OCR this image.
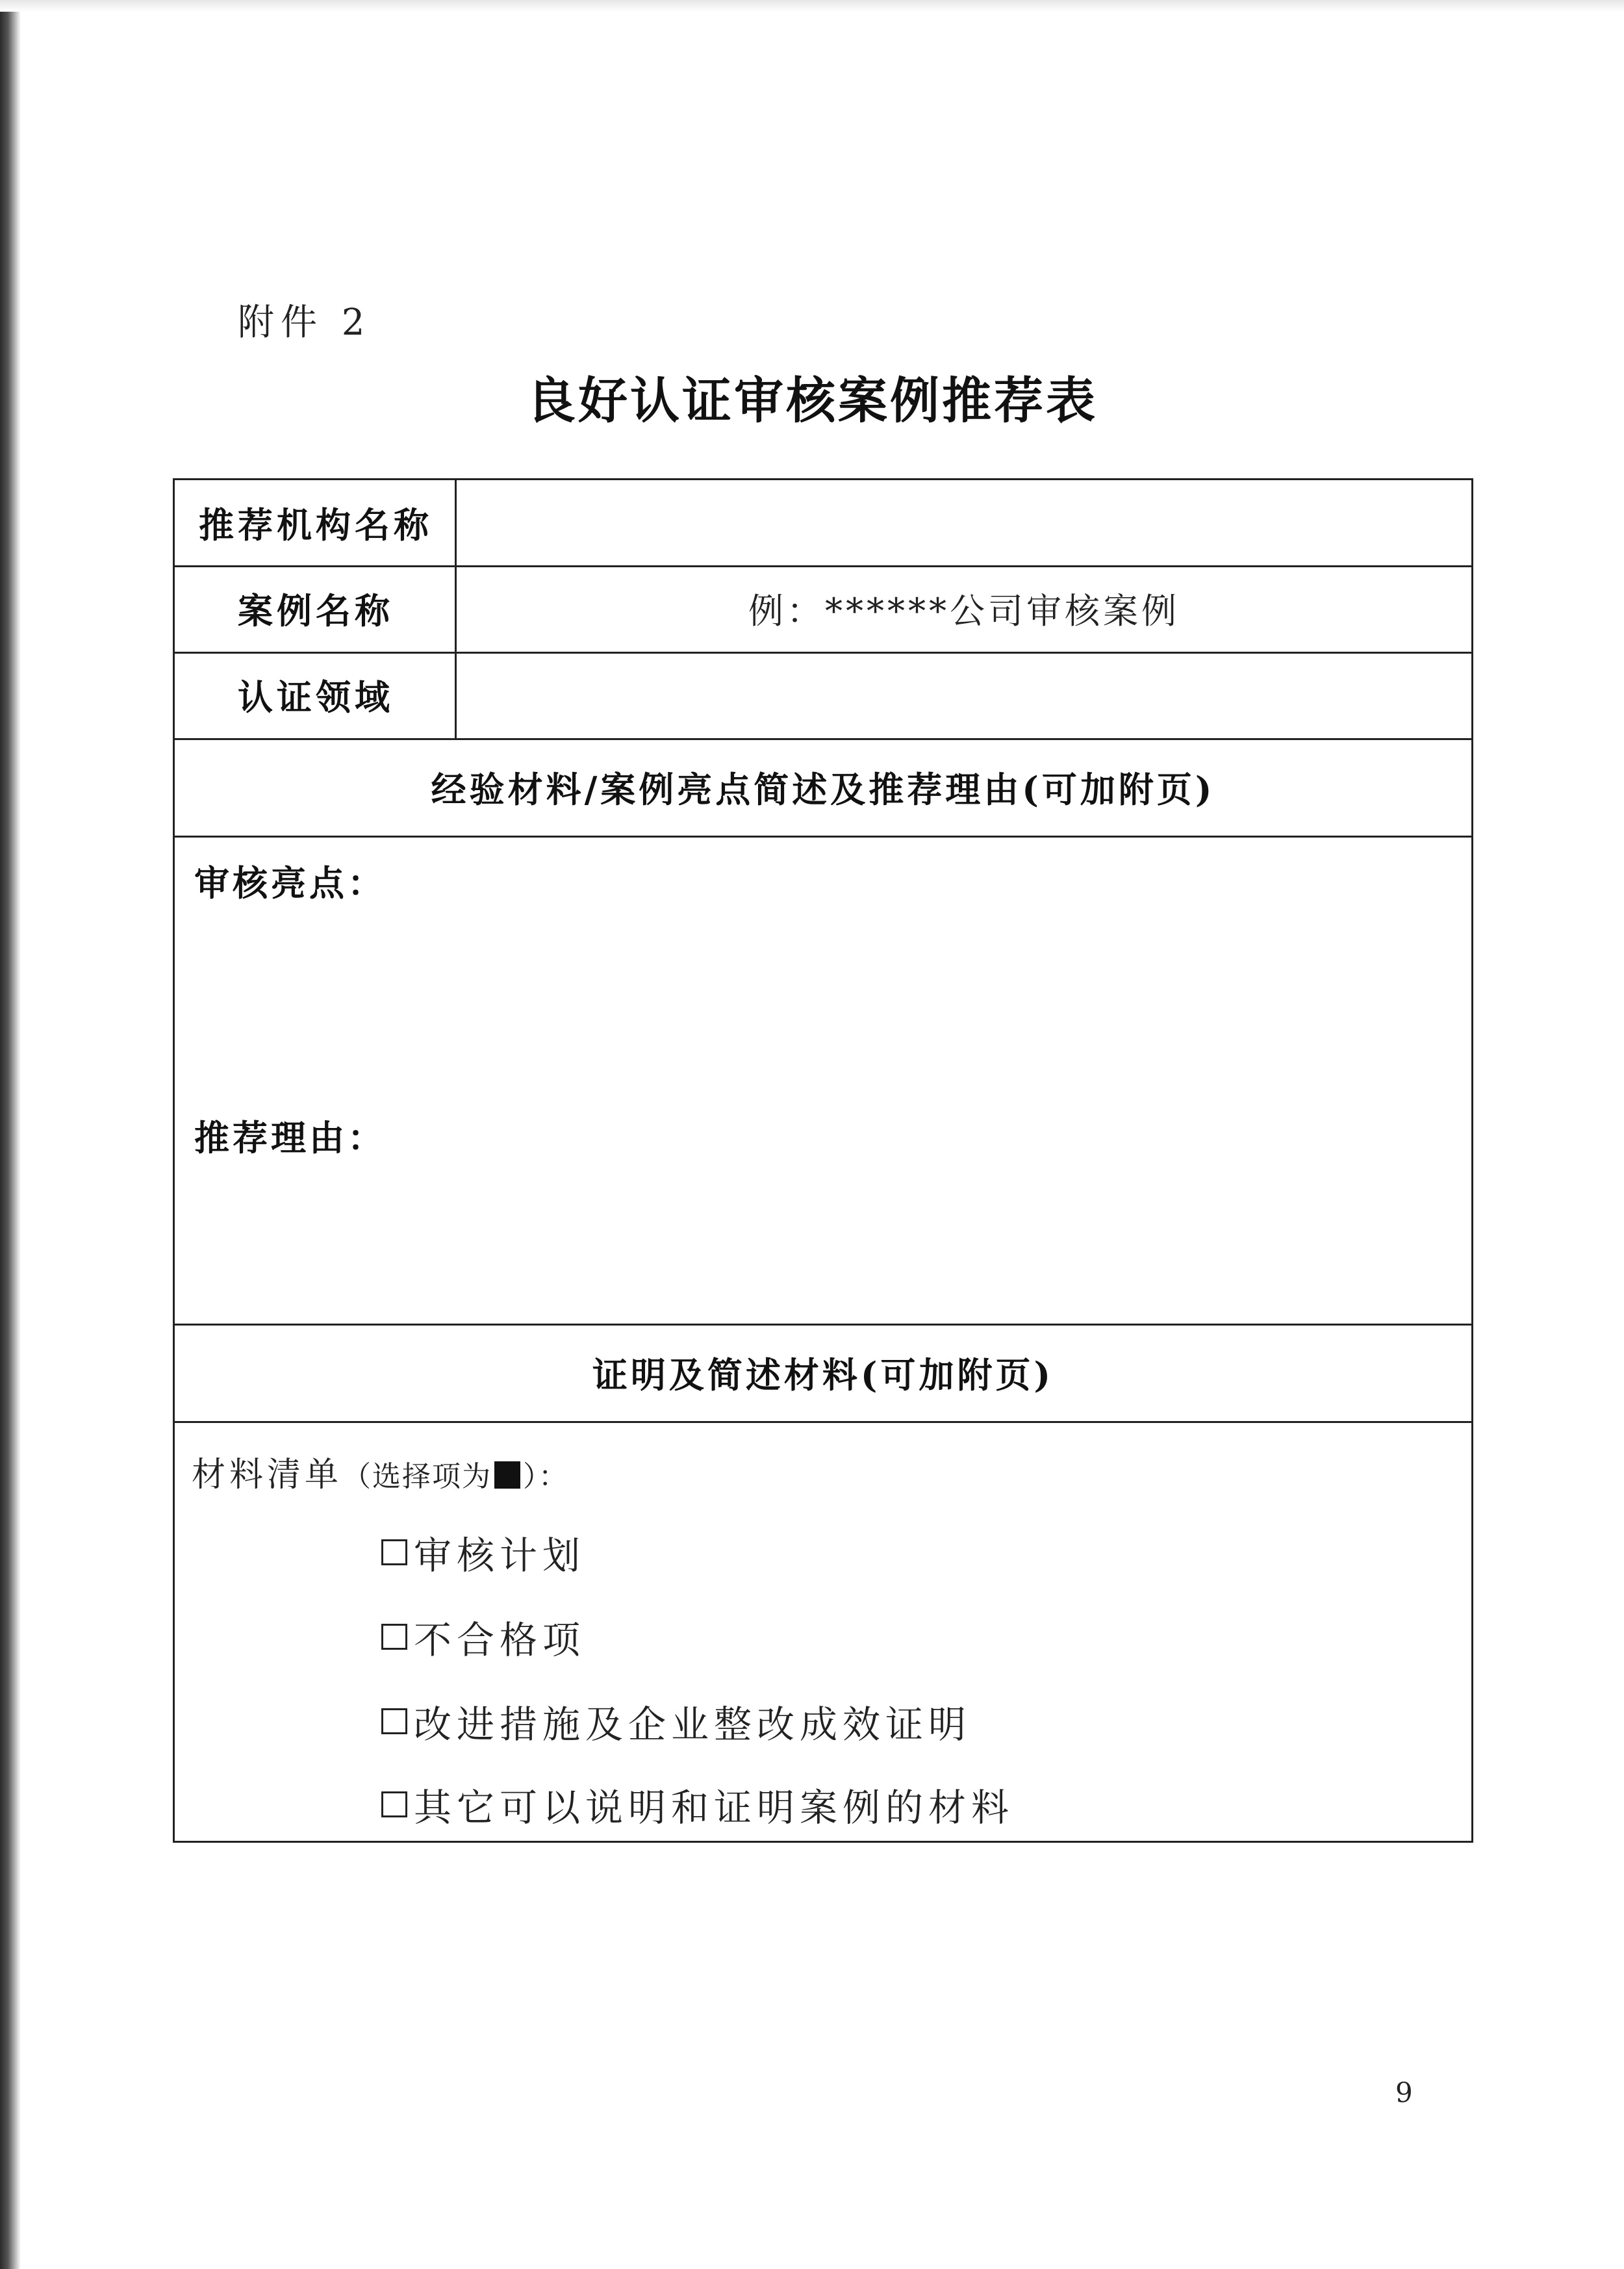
附件 2
良好认证审核案例推荐表
推荐机构名称
案例名称	例：******公司审核案例
认证领域
经验材料/案例亮点简述及推荐理由(可加附页)
审核亮点：
推荐理由：
证明及简述材料(可加附页)
材料清单（选择项为 ）：
审核计划
不合格项
改进措施及企业整改成效证明
其它可以说明和证明案例的材料
9
